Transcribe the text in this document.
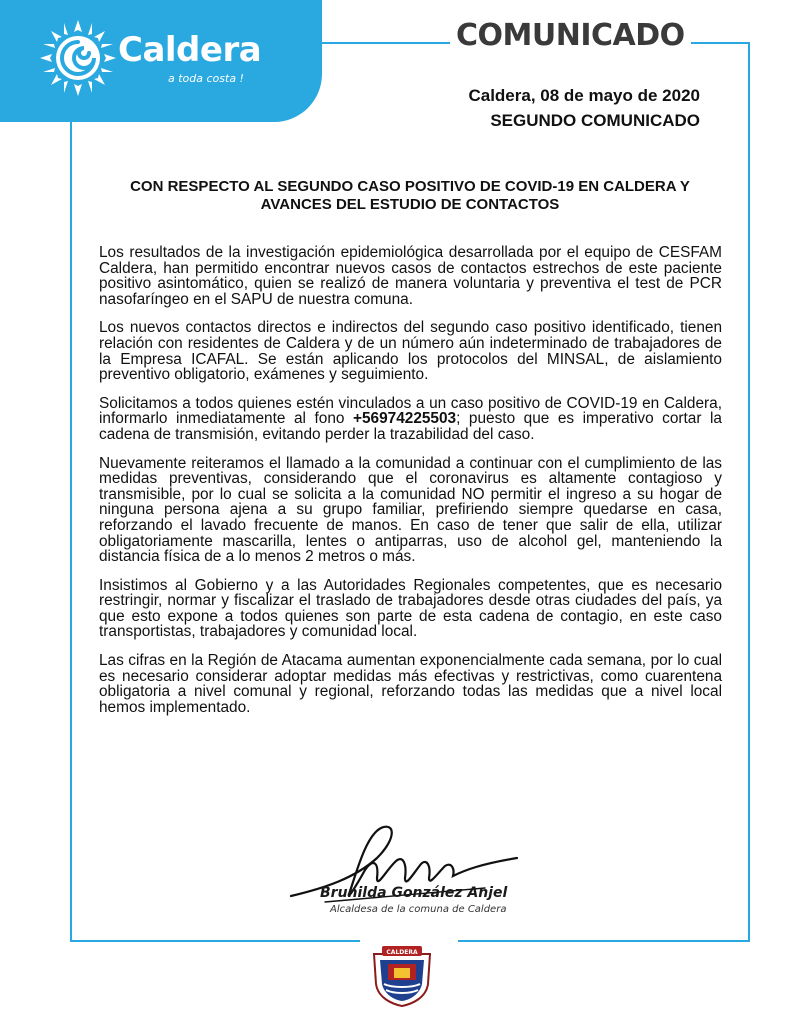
Caldera
a toda costa !
COMUNICADO
Caldera, 08 de mayo de 2020
SEGUNDO COMUNICADO
CON RESPECTO AL SEGUNDO CASO POSITIVO DE COVID-19 EN CALDERA Y
AVANCES DEL ESTUDIO DE CONTACTOS

Los resultados de la investigación epidemiológica desarrollada por el equipo de CESFAM Caldera, han permitido encontrar nuevos casos de contactos estrechos de este paciente positivo asintomático, quien se realizó de manera voluntaria y preventiva el test de PCR nasofaríngeo en el SAPU de nuestra comuna.

Los nuevos contactos directos e indirectos del segundo caso positivo identificado, tienen relación con residentes de Caldera y de un número aún indeterminado de trabajadores de la Empresa ICAFAL. Se están aplicando los protocolos del MINSAL, de aislamiento preventivo obligatorio, exámenes y seguimiento.

Solicitamos a todos quienes estén vinculados a un caso positivo de COVID-19 en Caldera, informarlo inmediatamente al fono +56974225503; puesto que es imperativo cortar la cadena de transmisión, evitando perder la trazabilidad del caso.

Nuevamente reiteramos el llamado a la comunidad a continuar con el cumplimiento de las medidas preventivas, considerando que el coronavirus es altamente contagioso y transmisible, por lo cual se solicita a la comunidad NO permitir el ingreso a su hogar de ninguna persona ajena a su grupo familiar, prefiriendo siempre quedarse en casa, reforzando el lavado frecuente de manos. En caso de tener que salir de ella, utilizar obligatoriamente mascarilla, lentes o antiparras, uso de alcohol gel, manteniendo la distancia física de a lo menos 2 metros o más.

Insistimos al Gobierno y a las Autoridades Regionales competentes, que es necesario restringir, normar y fiscalizar el traslado de trabajadores desde otras ciudades del país, ya que esto expone a todos quienes son parte de esta cadena de contagio, en este caso transportistas, trabajadores y comunidad local.

Las cifras en la Región de Atacama aumentan exponencialmente cada semana, por lo cual es necesario considerar adoptar medidas más efectivas y restrictivas, como cuarentena obligatoria a nivel comunal y regional, reforzando todas las medidas que a nivel local hemos implementado.

Brunilda González Anjel
Alcaldesa de la comuna de Caldera
CALDERA
